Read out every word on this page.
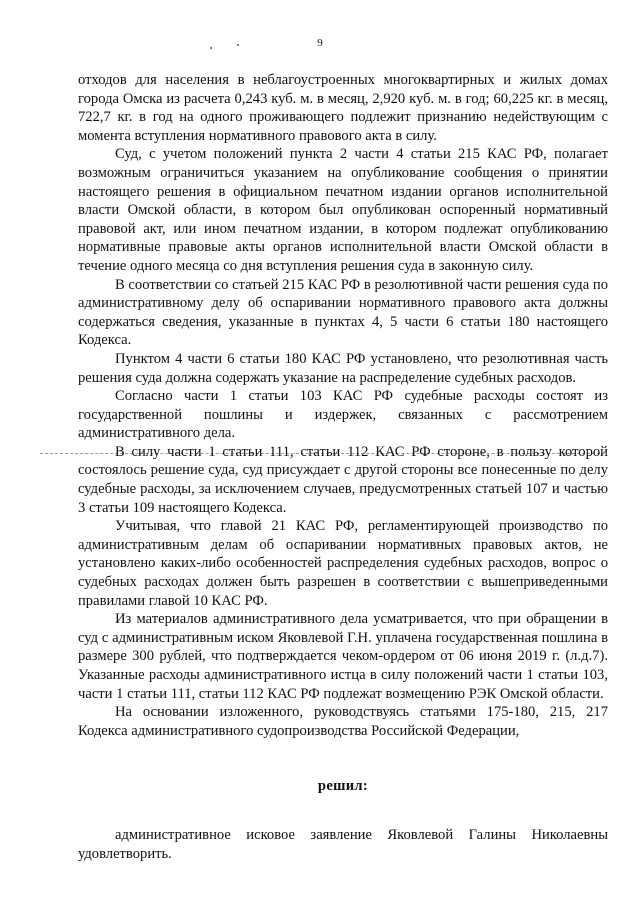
9

отходов для населения в неблагоустроенных многоквартирных и жилых домах города Омска из расчета 0,243 куб. м. в месяц, 2,920 куб. м. в год; 60,225 кг. в месяц, 722,7 кг. в год на одного проживающего подлежит признанию недействующим с момента вступления нормативного правового акта в силу.

Суд, с учетом положений пункта 2 части 4 статьи 215 КАС РФ, полагает возможным ограничиться указанием на опубликование сообщения о принятии настоящего решения в официальном печатном издании органов исполнительной власти Омской области, в котором был опубликован оспоренный нормативный правовой акт, или ином печатном издании, в котором подлежат опубликованию нормативные правовые акты органов исполнительной власти Омской области в течение одного месяца со дня вступления решения суда в законную силу.

В соответствии со статьей 215 КАС РФ в резолютивной части решения суда по административному делу об оспаривании нормативного правового акта должны содержаться сведения, указанные в пунктах 4, 5 части 6 статьи 180 настоящего Кодекса.

Пунктом 4 части 6 статьи 180 КАС РФ установлено, что резолютивная часть решения суда должна содержать указание на распределение судебных расходов.

Согласно части 1 статьи 103 КАС РФ судебные расходы состоят из государственной пошлины и издержек, связанных с рассмотрением административного дела.

В силу части 1 статьи 111, статьи 112 КАС РФ стороне, в пользу которой состоялось решение суда, суд присуждает с другой стороны все понесенные по делу судебные расходы, за исключением случаев, предусмотренных статьей 107 и частью 3 статьи 109 настоящего Кодекса.

Учитывая, что главой 21 КАС РФ, регламентирующей производство по административным делам об оспаривании нормативных правовых актов, не установлено каких-либо особенностей распределения судебных расходов, вопрос о судебных расходах должен быть разрешен в соответствии с вышеприведенными правилами главой 10 КАС РФ.

Из материалов административного дела усматривается, что при обращении в суд с административным иском Яковлевой Г.Н. уплачена государственная пошлина в размере 300 рублей, что подтверждается чеком-ордером от 06 июня 2019 г. (л.д.7). Указанные расходы административного истца в силу положений части 1 статьи 103, части 1 статьи 111, статьи 112 КАС РФ подлежат возмещению РЭК Омской области.

На основании изложенного, руководствуясь статьями 175-180, 215, 217 Кодекса административного судопроизводства Российской Федерации,

решил:

административное исковое заявление Яковлевой Галины Николаевны удовлетворить.
